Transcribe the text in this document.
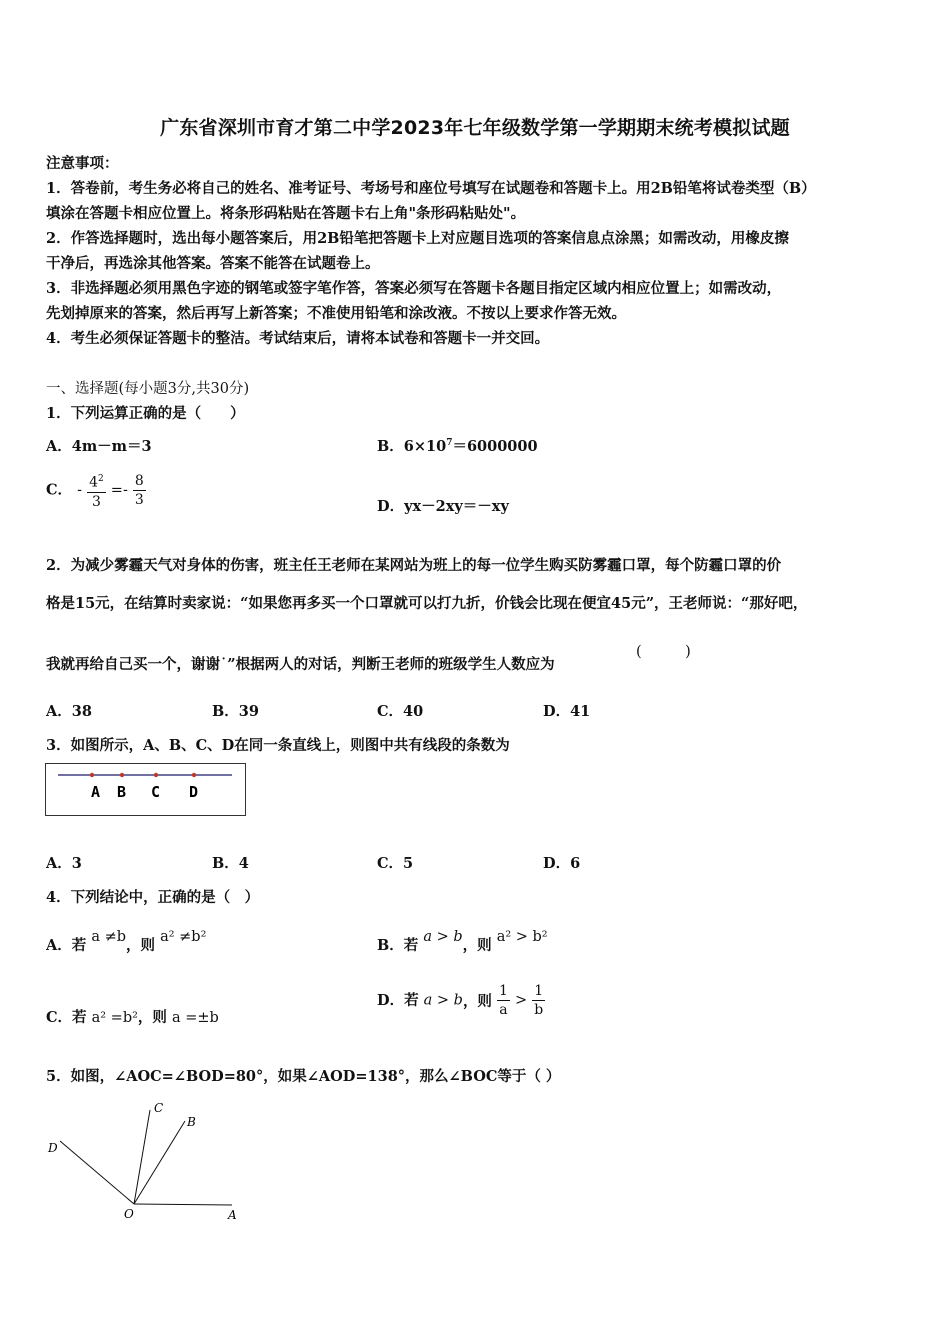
广东省深圳市育才第二中学2023年七年级数学第一学期期末统考模拟试题
注意事项：
1．答卷前，考生务必将自己的姓名、准考证号、考场号和座位号填写在试题卷和答题卡上。用2B铅笔将试卷类型（B）
填涂在答题卡相应位置上。将条形码粘贴在答题卡右上角"条形码粘贴处"。
2．作答选择题时，选出每小题答案后，用2B铅笔把答题卡上对应题目选项的答案信息点涂黑；如需改动，用橡皮擦
干净后，再选涂其他答案。答案不能答在试题卷上。
3．非选择题必须用黑色字迹的钢笔或签字笔作答，答案必须写在答题卡各题目指定区域内相应位置上；如需改动，
先划掉原来的答案，然后再写上新答案；不准使用铅笔和涂改液。不按以上要求作答无效。
4．考生必须保证答题卡的整洁。考试结束后，请将本试卷和答题卡一并交回。
一、选择题(每小题3分,共30分)
1．下列运算正确的是（　　）
A．4m－m＝3	B．$6\times 10^7=6000000$
C． - $\frac{4^2}{3} =- \frac{8}{3}$	D．yx－2xy＝－xy
2．为减少雾霾天气对身体的伤害，班主任王老师在某网站为班上的每一位学生购买防雾霾口罩，每个防霾口罩的价
格是15元，在结算时卖家说：“如果您再多买一个口罩就可以打九折，价钱会比现在便宜45元”，王老师说：“那好吧，
我就再给自己买一个，谢谢˙”根据两人的对话，判断王老师的班级学生人数应为
(　　　)
A．38	B．39	C．40	D．41
3．如图所示，A、B、C、D在同一条直线上，则图中共有线段的条数为
A B C D
A．3	B．4	C．5	D．6
4．下列结论中，正确的是（　）
A．若 a ≠b，则 a² ≠b²	B．若 a > b，则 a² > b²
C．若 a² =b²，则 a =±b
D．若 a > b，则 $\frac{1}{a} > \frac{1}{b}$
5．如图，∠AOC=∠BOD=80°，如果∠AOD=138°，那么∠BOC等于（ ）
C
B
D
O	A
